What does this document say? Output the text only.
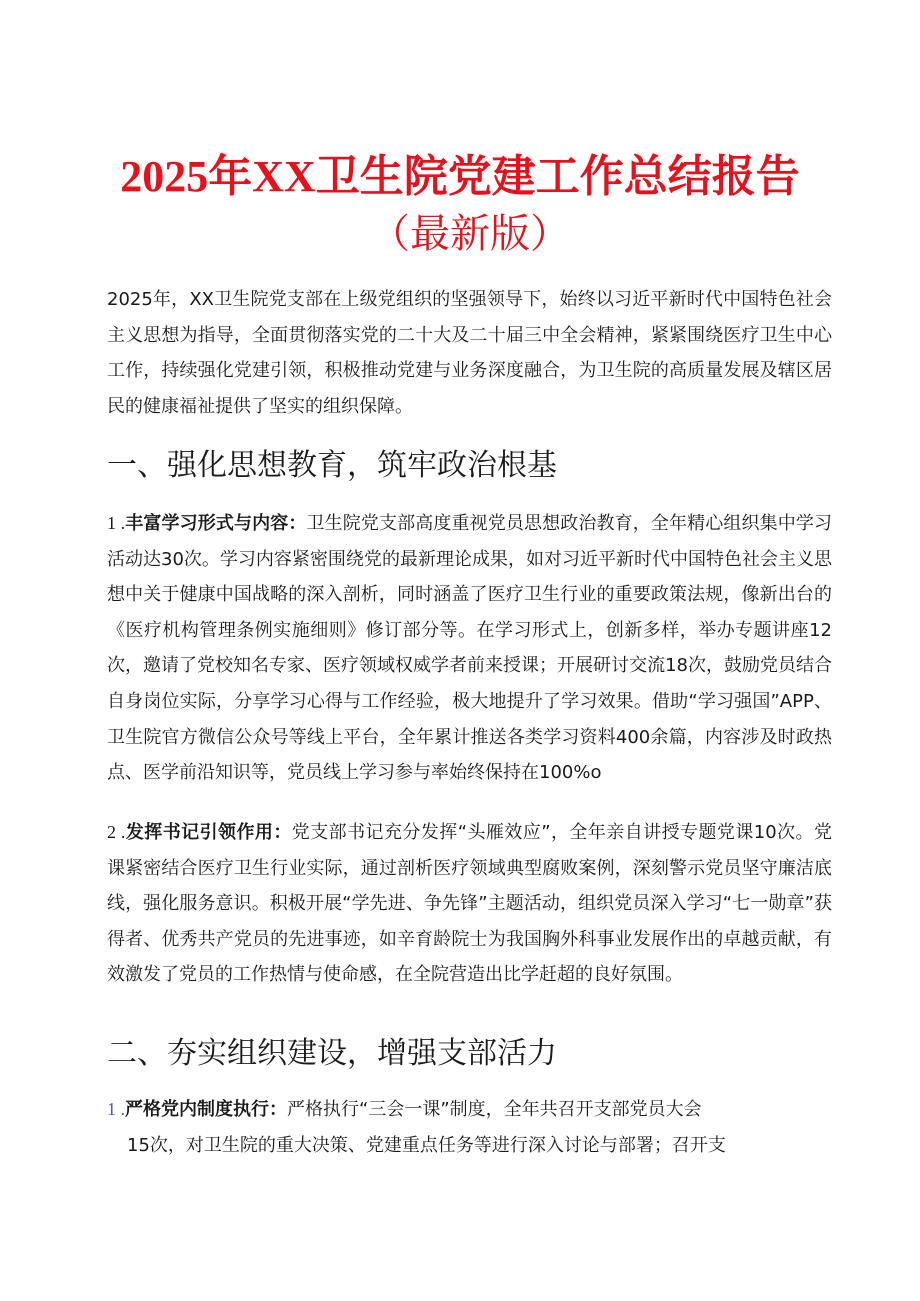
2025年XX卫生院党建工作总结报告
（最新版）
2025年，XX卫生院党支部在上级党组织的坚强领导下，始终以习近平新时代中国特色社会主义思想为指导，全面贯彻落实党的二十大及二十届三中全会精神，紧紧围绕医疗卫生中心工作，持续强化党建引领，积极推动党建与业务深度融合，为卫生院的高质量发展及辖区居民的健康福祉提供了坚实的组织保障。
一、强化思想教育，筑牢政治根基
1 .丰富学习形式与内容：卫生院党支部高度重视党员思想政治教育，全年精心组织集中学习活动达30次。学习内容紧密围绕党的最新理论成果，如对习近平新时代中国特色社会主义思想中关于健康中国战略的深入剖析，同时涵盖了医疗卫生行业的重要政策法规，像新出台的《医疗机构管理条例实施细则》修订部分等。在学习形式上，创新多样，举办专题讲座12次，邀请了党校知名专家、医疗领域权威学者前来授课；开展研讨交流18次，鼓励党员结合自身岗位实际，分享学习心得与工作经验，极大地提升了学习效果。借助“学习强国”APP、卫生院官方微信公众号等线上平台，全年累计推送各类学习资料400余篇，内容涉及时政热点、医学前沿知识等，党员线上学习参与率始终保持在100%o
2 .发挥书记引领作用：党支部书记充分发挥“头雁效应”，全年亲自讲授专题党课10次。党课紧密结合医疗卫生行业实际，通过剖析医疗领域典型腐败案例，深刻警示党员坚守廉洁底线，强化服务意识。积极开展“学先进、争先锋”主题活动，组织党员深入学习“七一勋章”获得者、优秀共产党员的先进事迹，如辛育龄院士为我国胸外科事业发展作出的卓越贡献，有效激发了党员的工作热情与使命感，在全院营造出比学赶超的良好氛围。
二、夯实组织建设，增强支部活力
1 .严格党内制度执行：严格执行“三会一课”制度，全年共召开支部党员大会
15次，对卫生院的重大决策、党建重点任务等进行深入讨论与部署；召开支
